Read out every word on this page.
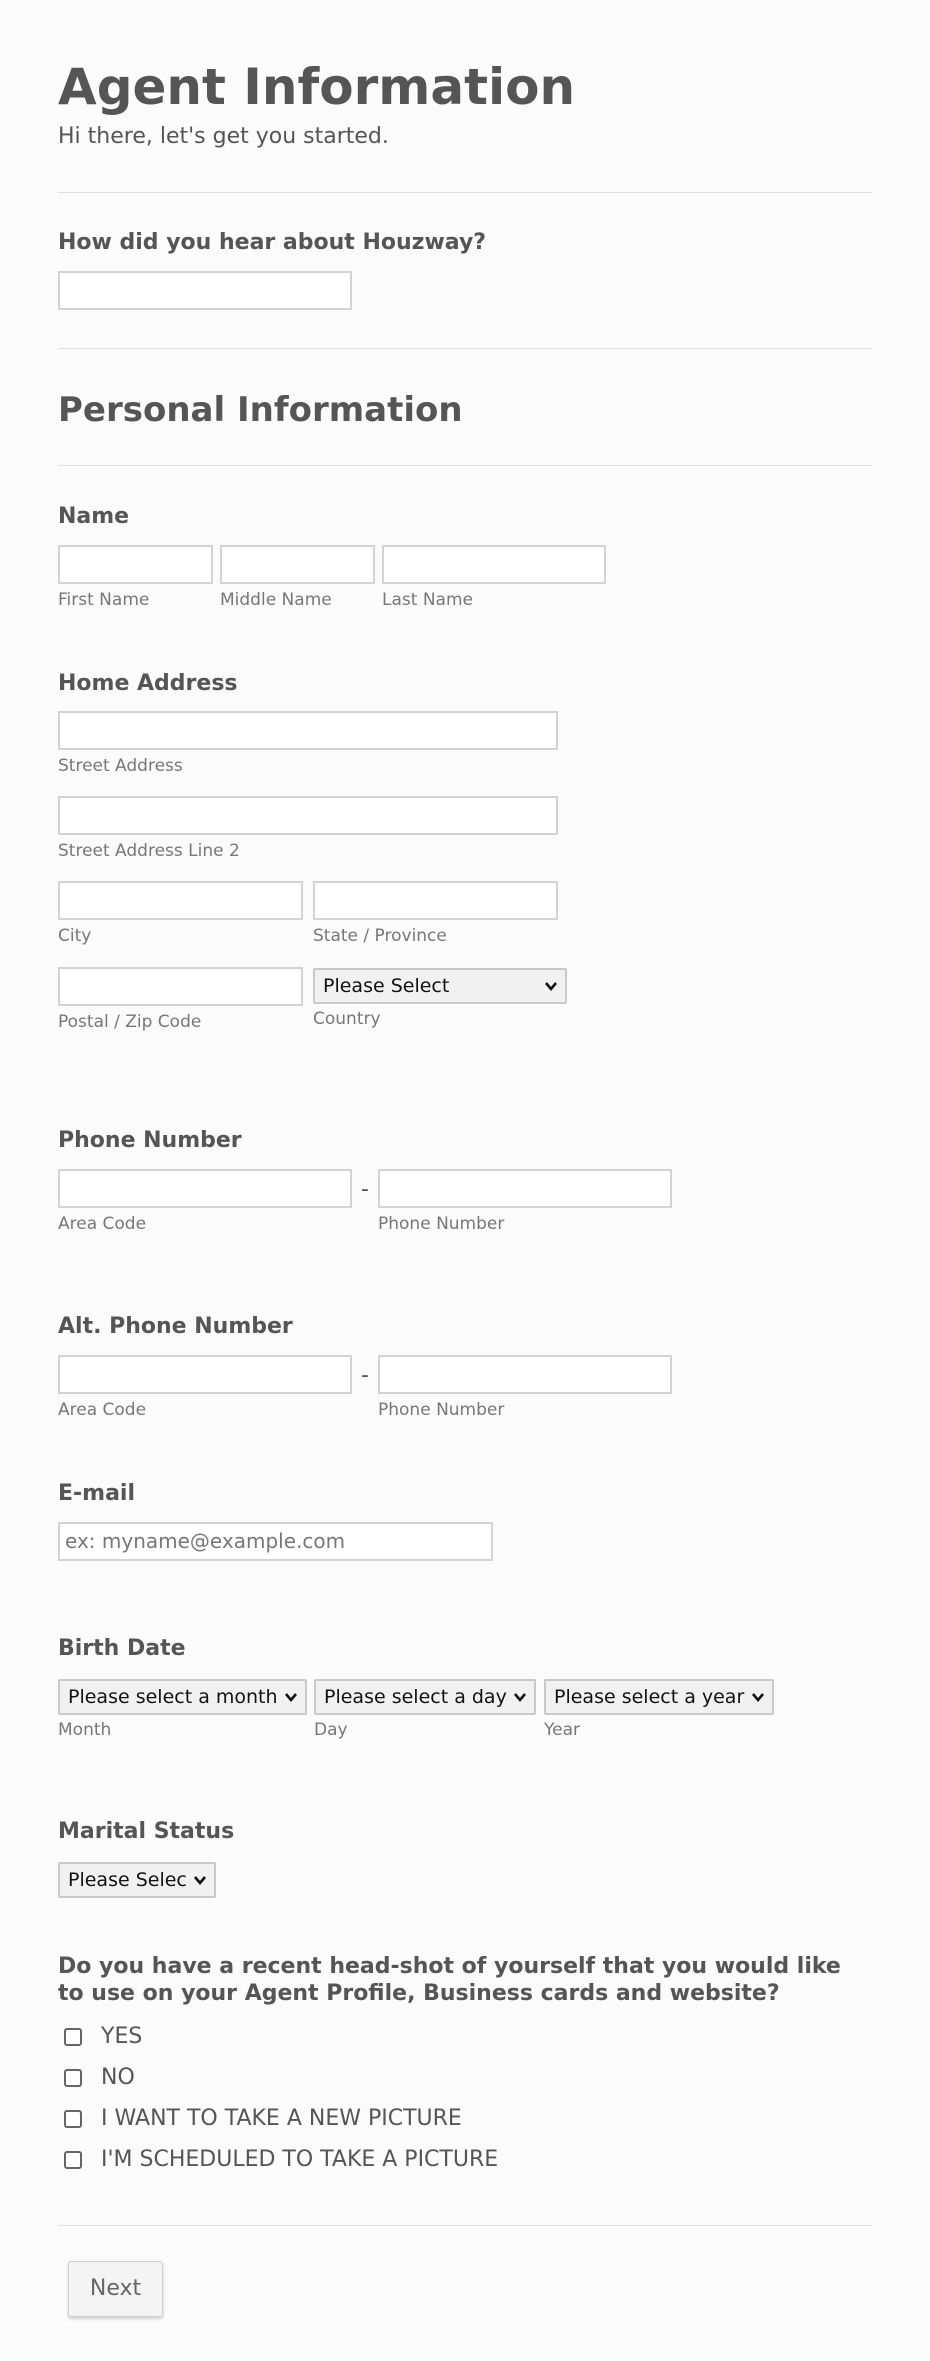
Agent Information
Hi there, let's get you started.
How did you hear about Houzway?
Personal Information
Name
First Name	Middle Name	Last Name
Home Address
Street Address
Street Address Line 2
City	State / Province
Please Select
Postal / Zip Code	Country
Phone Number
-
Area Code	Phone Number
Alt. Phone Number
-
Area Code	Phone Number
E-mail
ex: myname@example.com
Birth Date
Please select a month	Please select a day	Please select a year
Month	Day	Year
Marital Status
Please Selec
Do you have a recent head-shot of yourself that you would like
to use on your Agent Profile, Business cards and website?
YES
NO
I WANT TO TAKE A NEW PICTURE
I'M SCHEDULED TO TAKE A PICTURE
Next
